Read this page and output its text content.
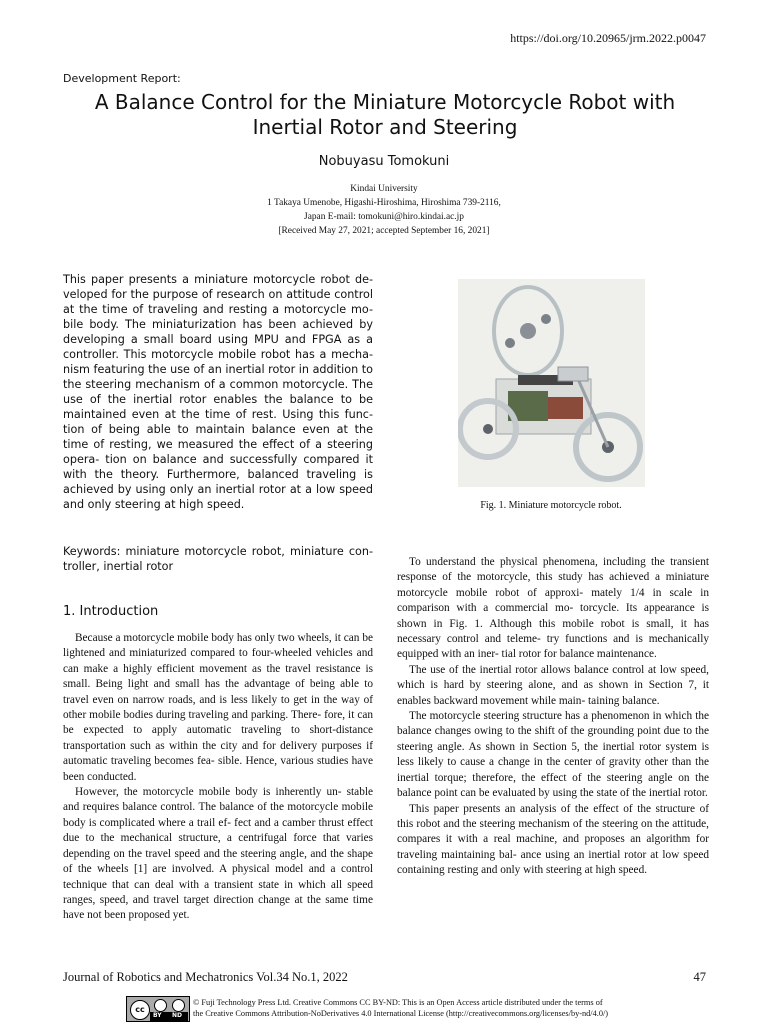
https://doi.org/10.20965/jrm.2022.p0047
Development Report:
A Balance Control for the Miniature Motorcycle Robot with
Inertial Rotor and Steering
Nobuyasu Tomokuni
Kindai University
1 Takaya Umenobe, Higashi-Hiroshima, Hiroshima 739-2116,
Japan E-mail: tomokuni@hiro.kindai.ac.jp
[Received May 27, 2021; accepted September 16, 2021]
This paper presents a miniature motorcycle robot de- veloped for the purpose of research on attitude control at the time of traveling and resting a motorcycle mo- bile body. The miniaturization has been achieved by developing a small board using MPU and FPGA as a controller. This motorcycle mobile robot has a mecha- nism featuring the use of an inertial rotor in addition to the steering mechanism of a common motorcycle. The use of the inertial rotor enables the balance to be maintained even at the time of rest. Using this func- tion of being able to maintain balance even at the time of resting, we measured the effect of a steering opera- tion on balance and successfully compared it with the theory. Furthermore, balanced traveling is achieved by using only an inertial rotor at a low speed and only steering at high speed.	Fig. 1. Miniature motorcycle robot.
Keywords: miniature motorcycle robot, miniature con- troller, inertial rotor
1. Introduction

Because a motorcycle mobile body has only two wheels, it can be lightened and miniaturized compared to four-wheeled vehicles and can make a highly efficient movement as the travel resistance is small. Being light and small has the advantage of being able to travel even on narrow roads, and is less likely to get in the way of other mobile bodies during traveling and parking. There- fore, it can be expected to apply automatic traveling to short-distance transportation such as within the city and for delivery purposes if automatic traveling becomes fea- sible. Hence, various studies have been conducted.

However, the motorcycle mobile body is inherently un- stable and requires balance control. The balance of the motorcycle mobile body is complicated where a trail ef- fect and a camber thrust effect due to the mechanical structure, a centrifugal force that varies depending on the travel speed and the steering angle, and the shape of the wheels [1] are involved. A physical model and a control technique that can deal with a transient state in which all speed ranges, speed, and travel target direction change at the same time have not been proposed yet.

To understand the physical phenomena, including the transient response of the motorcycle, this study has achieved a miniature motorcycle mobile robot of approxi- mately 1/4 in scale in comparison with a commercial mo- torcycle. Its appearance is shown in Fig. 1. Although this mobile robot is small, it has necessary control and teleme- try functions and is mechanically equipped with an iner- tial rotor for balance maintenance.

The use of the inertial rotor allows balance control at low speed, which is hard by steering alone, and as shown in Section 7, it enables backward movement while main- taining balance.

The motorcycle steering structure has a phenomenon in which the balance changes owing to the shift of the grounding point due to the steering angle. As shown in Section 5, the inertial rotor system is less likely to cause a change in the center of gravity other than the inertial torque; therefore, the effect of the steering angle on the balance point can be evaluated by using the state of the inertial rotor.

This paper presents an analysis of the effect of the structure of this robot and the steering mechanism of the steering on the attitude, compares it with a real machine, and proposes an algorithm for traveling maintaining bal- ance using an inertial rotor at low speed containing resting and only with steering at high speed.

Journal of Robotics and Mechatronics Vol.34 No.1, 2022	47
cc
BY ND
© Fuji Technology Press Ltd. Creative Commons CC BY-ND: This is an Open Access article distributed under the terms of
the Creative Commons Attribution-NoDerivatives 4.0 International License (http://creativecommons.org/licenses/by-nd/4.0/)
